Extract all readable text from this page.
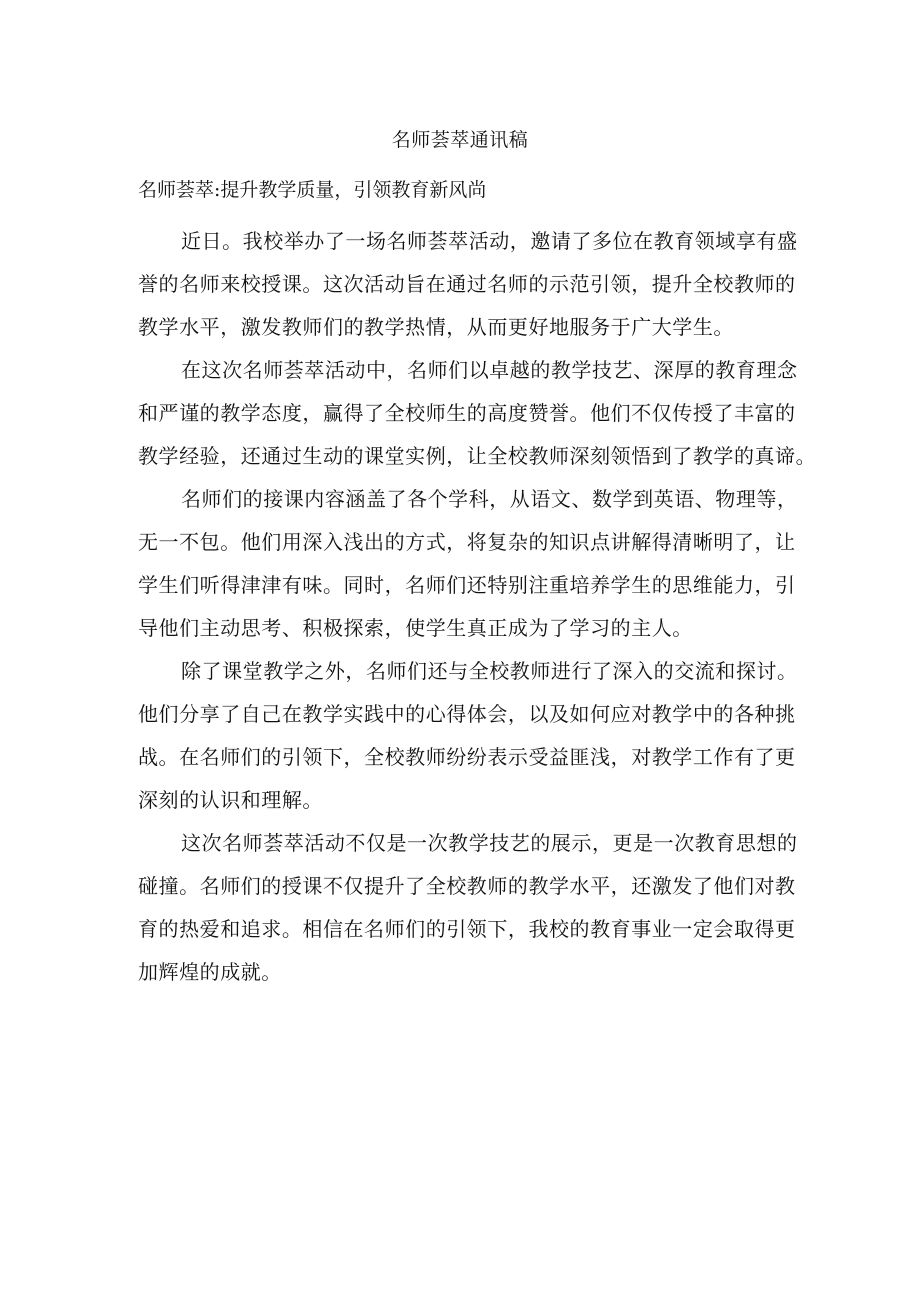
名师荟萃通讯稿
名师荟萃:提升教学质量，引领教育新风尚
近日。我校举办了一场名师荟萃活动，邀请了多位在教育领域享有盛
誉的名师来校授课。这次活动旨在通过名师的示范引领，提升全校教师的
教学水平，激发教师们的教学热情，从而更好地服务于广大学生。
在这次名师荟萃活动中，名师们以卓越的教学技艺、深厚的教育理念
和严谨的教学态度，赢得了全校师生的高度赞誉。他们不仅传授了丰富的
教学经验，还通过生动的课堂实例，让全校教师深刻领悟到了教学的真谛。
名师们的接课内容涵盖了各个学科，从语文、数学到英语、物理等，
无一不包。他们用深入浅出的方式，将复杂的知识点讲解得清晰明了，让
学生们听得津津有味。同时，名师们还特别注重培养学生的思维能力，引
导他们主动思考、积极探索，使学生真正成为了学习的主人。
除了课堂教学之外，名师们还与全校教师进行了深入的交流和探讨。
他们分享了自己在教学实践中的心得体会，以及如何应对教学中的各种挑
战。在名师们的引领下，全校教师纷纷表示受益匪浅，对教学工作有了更
深刻的认识和理解。
这次名师荟萃活动不仅是一次教学技艺的展示，更是一次教育思想的
碰撞。名师们的授课不仅提升了全校教师的教学水平，还激发了他们对教
育的热爱和追求。相信在名师们的引领下，我校的教育事业一定会取得更
加辉煌的成就。
